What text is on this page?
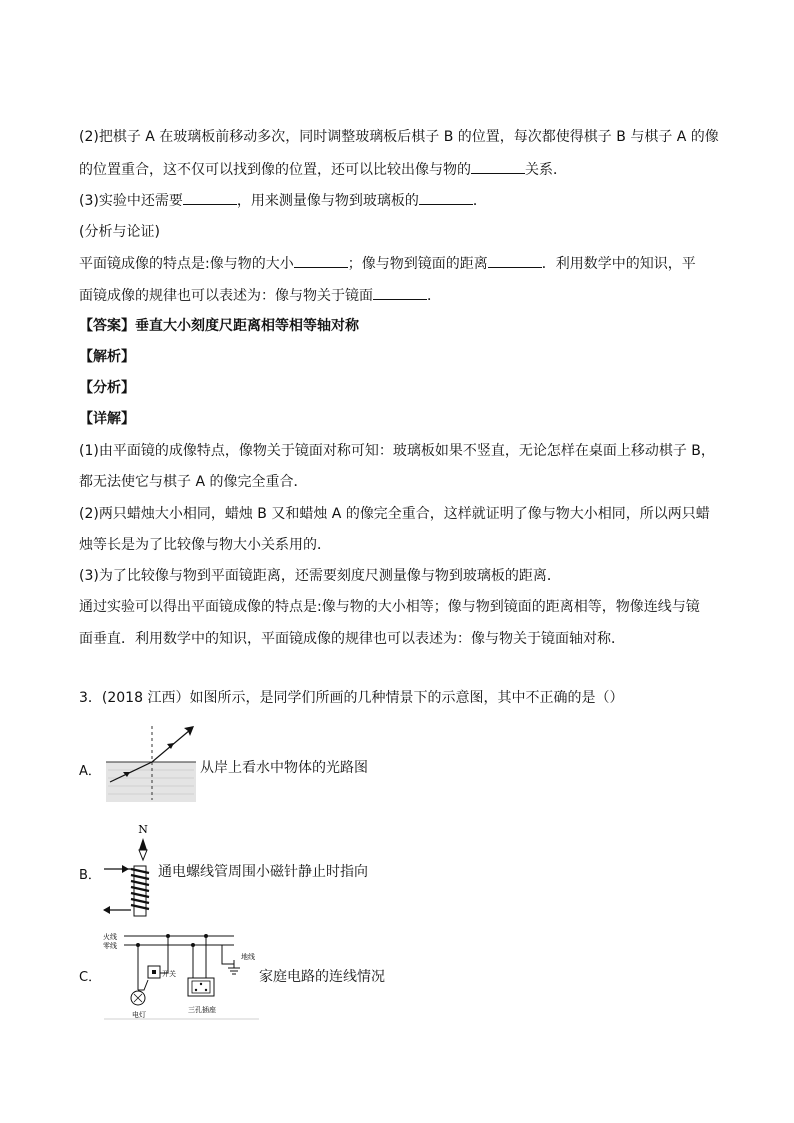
(2)把棋子 A 在玻璃板前移动多次，同时调整玻璃板后棋子 B 的位置，每次都使得棋子 B 与棋子 A 的像
的位置重合，这不仅可以找到像的位置，还可以比较出像与物的	关系．
(3)实验中还需要	，用来测量像与物到玻璃板的	．
(分析与论证)
平面镜成像的特点是:像与物的大小	；像与物到镜面的距离	．利用数学中的知识，平
面镜成像的规律也可以表述为：像与物关于镜面	．
【答案】垂直大小刻度尺距离相等相等轴对称
【解析】
【分析】
【详解】
(1)由平面镜的成像特点，像物关于镜面对称可知：玻璃板如果不竖直，无论怎样在桌面上移动棋子 B，
都无法使它与棋子 A 的像完全重合．
(2)两只蜡烛大小相同，蜡烛 B 又和蜡烛 A 的像完全重合，这样就证明了像与物大小相同，所以两只蜡
烛等长是为了比较像与物大小关系用的．
(3)为了比较像与物到平面镜距离，还需要刻度尺测量像与物到玻璃板的距离．
通过实验可以得出平面镜成像的特点是:像与物的大小相等；像与物到镜面的距离相等，物像连线与镜
面垂直．利用数学中的知识，平面镜成像的规律也可以表述为：像与物关于镜面轴对称．
3．(2018 江西）如图所示，是同学们所画的几种情景下的示意图，其中不正确的是（）
A．	从岸上看水中物体的光路图
B．
N
通电螺线管周围小磁针静止时指向
C．
火线
零线
开关
电灯
地线
三孔插座
家庭电路的连线情况
